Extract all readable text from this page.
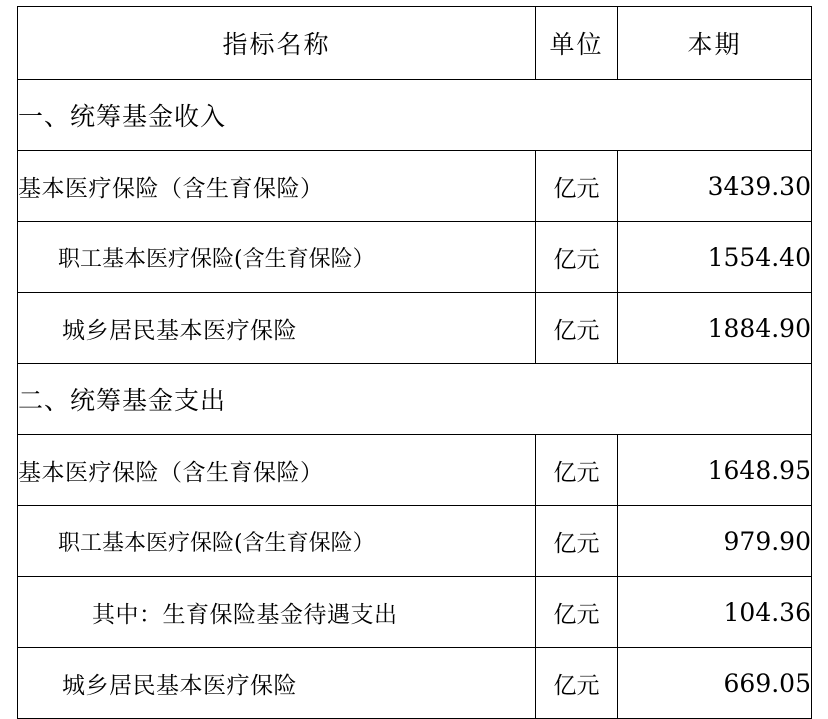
指标名称	单位	本期
一、统筹基金收入		
基本医疗保险（含生育保险）	亿元	3439.30
职工基本医疗保险(含生育保险）	亿元	1554.40
城乡居民基本医疗保险	亿元	1884.90
二、统筹基金支出		
基本医疗保险（含生育保险）	亿元	1648.95
职工基本医疗保险(含生育保险）	亿元	979.90
其中：生育保险基金待遇支出	亿元	104.36
城乡居民基本医疗保险	亿元	669.05
